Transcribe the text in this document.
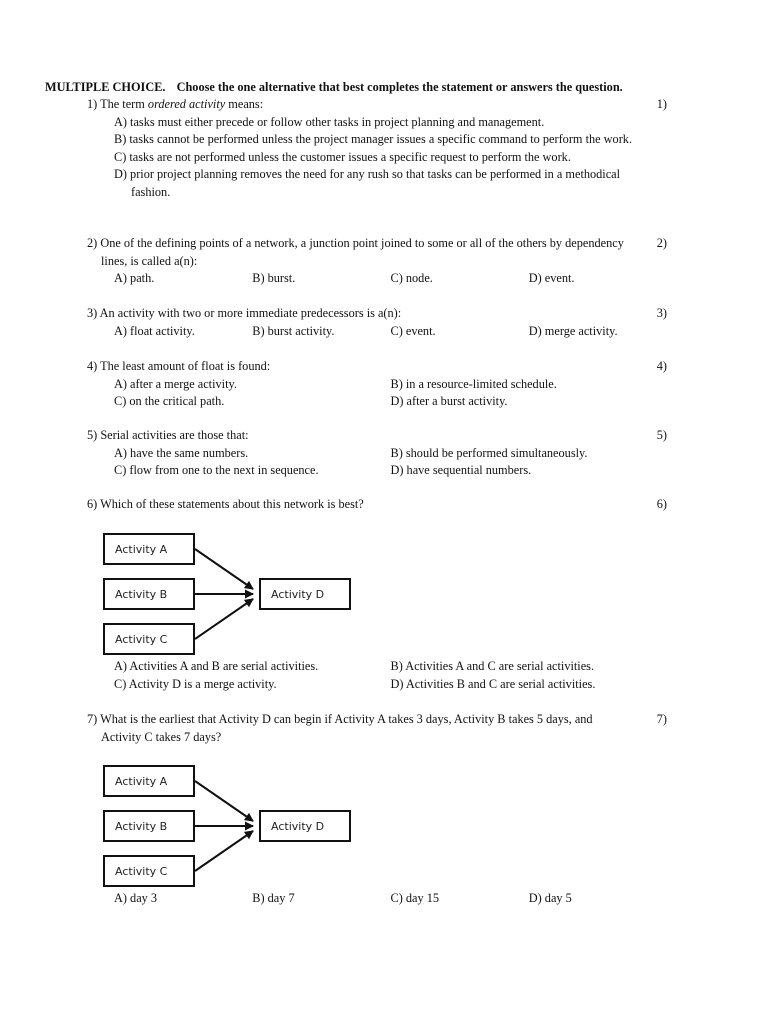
MULTIPLE CHOICE. Choose the one alternative that best completes the statement or answers the question.
1) The term ordered activity means:	1)
A) tasks must either precede or follow other tasks in project planning and management.
B) tasks cannot be performed unless the project manager issues a specific command to perform the work.
C) tasks are not performed unless the customer issues a specific request to perform the work.
D) prior project planning removes the need for any rush so that tasks can be performed in a methodical fashion.
2) One of the defining points of a network, a junction point joined to some or all of the others by dependency lines, is called a(n):
2)
A) path.	B) burst.	C) node.	D) event.
3) An activity with two or more immediate predecessors is a(n):	3)
A) float activity.	B) burst activity.	C) event.	D) merge activity.
4) The least amount of float is found:	4)
A) after a merge activity.	B) in a resource-limited schedule.
C) on the critical path.	D) after a burst activity.
5) Serial activities are those that:	5)
A) have the same numbers.	B) should be performed simultaneously.
C) flow from one to the next in sequence.	D) have sequential numbers.
6) Which of these statements about this network is best?	6)
Activity A
Activity B
Activity C
Activity D
A) Activities A and B are serial activities.	B) Activities A and C are serial activities.
C) Activity D is a merge activity.	D) Activities B and C are serial activities.
7) What is the earliest that Activity D can begin if Activity A takes 3 days, Activity B takes 5 days, and Activity C takes 7 days?
7)
Activity A
Activity B
Activity C
Activity D
A) day 3	B) day 7	C) day 15	D) day 5
